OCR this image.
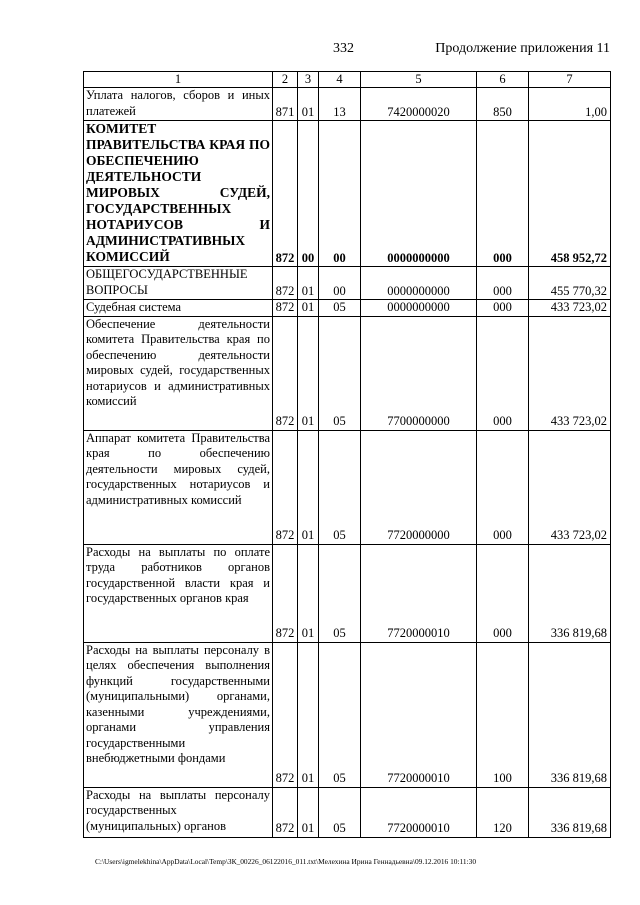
332	Продолжение приложения 11
1	2	3	4	5	6	7
Уплата налогов, сборов и иных платежей	871	01	13	7420000020	850	1,00
КОМИТЕТ ПРАВИТЕЛЬСТВА КРАЯ ПО ОБЕСПЕЧЕНИЮ ДЕЯТЕЛЬНОСТИ МИРОВЫХ СУДЕЙ, ГОСУДАРСТВЕННЫХ НОТАРИУСОВ И АДМИНИСТРАТИВНЫХ КОМИССИЙ	872	00	00	0000000000	000	458 952,72
ОБЩЕГОСУДАРСТВЕННЫЕ ВОПРОСЫ	872	01	00	0000000000	000	455 770,32
Судебная система	872	01	05	0000000000	000	433 723,02
Обеспечение деятельности комитета Правительства края по обеспечению деятельности мировых судей, государственных нотариусов и административных комиссий	872	01	05	7700000000	000	433 723,02
Аппарат комитета Правительства края по обеспечению деятельности мировых судей, государственных нотариусов и административных комиссий	872	01	05	7720000000	000	433 723,02
Расходы на выплаты по оплате труда работников органов государственной власти края и государственных органов края	872	01	05	7720000010	000	336 819,68
Расходы на выплаты персоналу в целях обеспечения выполнения функций государственными (муниципальными) органами, казенными учреждениями, органами управления государственными внебюджетными фондами	872	01	05	7720000010	100	336 819,68
Расходы на выплаты персоналу государственных (муниципальных) органов	872	01	05	7720000010	120	336 819,68
C:\Users\igmelekhina\AppData\Local\Temp\ЗК_00226_06122016_011.txt\Мелехина Ирина Геннадьевна\09.12.2016 10:11:30
